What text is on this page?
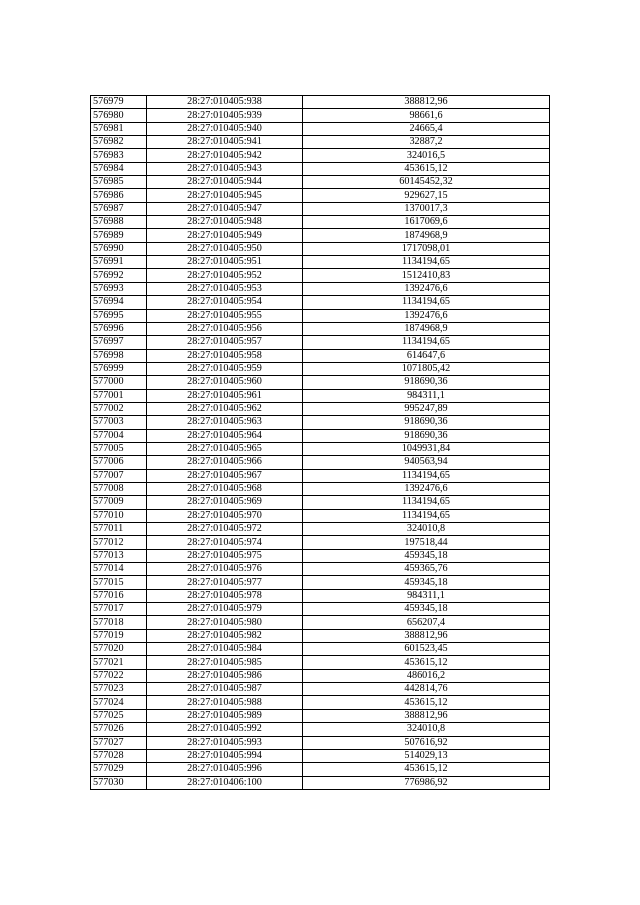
576979	28:27:010405:938	388812,96
576980	28:27:010405:939	98661,6
576981	28:27:010405:940	24665,4
576982	28:27:010405:941	32887,2
576983	28:27:010405:942	324016,5
576984	28:27:010405:943	453615,12
576985	28:27:010405:944	60145452,32
576986	28:27:010405:945	929627,15
576987	28:27:010405:947	1370017,3
576988	28:27:010405:948	1617069,6
576989	28:27:010405:949	1874968,9
576990	28:27:010405:950	1717098,01
576991	28:27:010405:951	1134194,65
576992	28:27:010405:952	1512410,83
576993	28:27:010405:953	1392476,6
576994	28:27:010405:954	1134194,65
576995	28:27:010405:955	1392476,6
576996	28:27:010405:956	1874968,9
576997	28:27:010405:957	1134194,65
576998	28:27:010405:958	614647,6
576999	28:27:010405:959	1071805,42
577000	28:27:010405:960	918690,36
577001	28:27:010405:961	984311,1
577002	28:27:010405:962	995247,89
577003	28:27:010405:963	918690,36
577004	28:27:010405:964	918690,36
577005	28:27:010405:965	1049931,84
577006	28:27:010405:966	940563,94
577007	28:27:010405:967	1134194,65
577008	28:27:010405:968	1392476,6
577009	28:27:010405:969	1134194,65
577010	28:27:010405:970	1134194,65
577011	28:27:010405:972	324010,8
577012	28:27:010405:974	197518,44
577013	28:27:010405:975	459345,18
577014	28:27:010405:976	459365,76
577015	28:27:010405:977	459345,18
577016	28:27:010405:978	984311,1
577017	28:27:010405:979	459345,18
577018	28:27:010405:980	656207,4
577019	28:27:010405:982	388812,96
577020	28:27:010405:984	601523,45
577021	28:27:010405:985	453615,12
577022	28:27:010405:986	486016,2
577023	28:27:010405:987	442814,76
577024	28:27:010405:988	453615,12
577025	28:27:010405:989	388812,96
577026	28:27:010405:992	324010,8
577027	28:27:010405:993	507616,92
577028	28:27:010405:994	514029,13
577029	28:27:010405:996	453615,12
577030	28:27:010406:100	776986,92
